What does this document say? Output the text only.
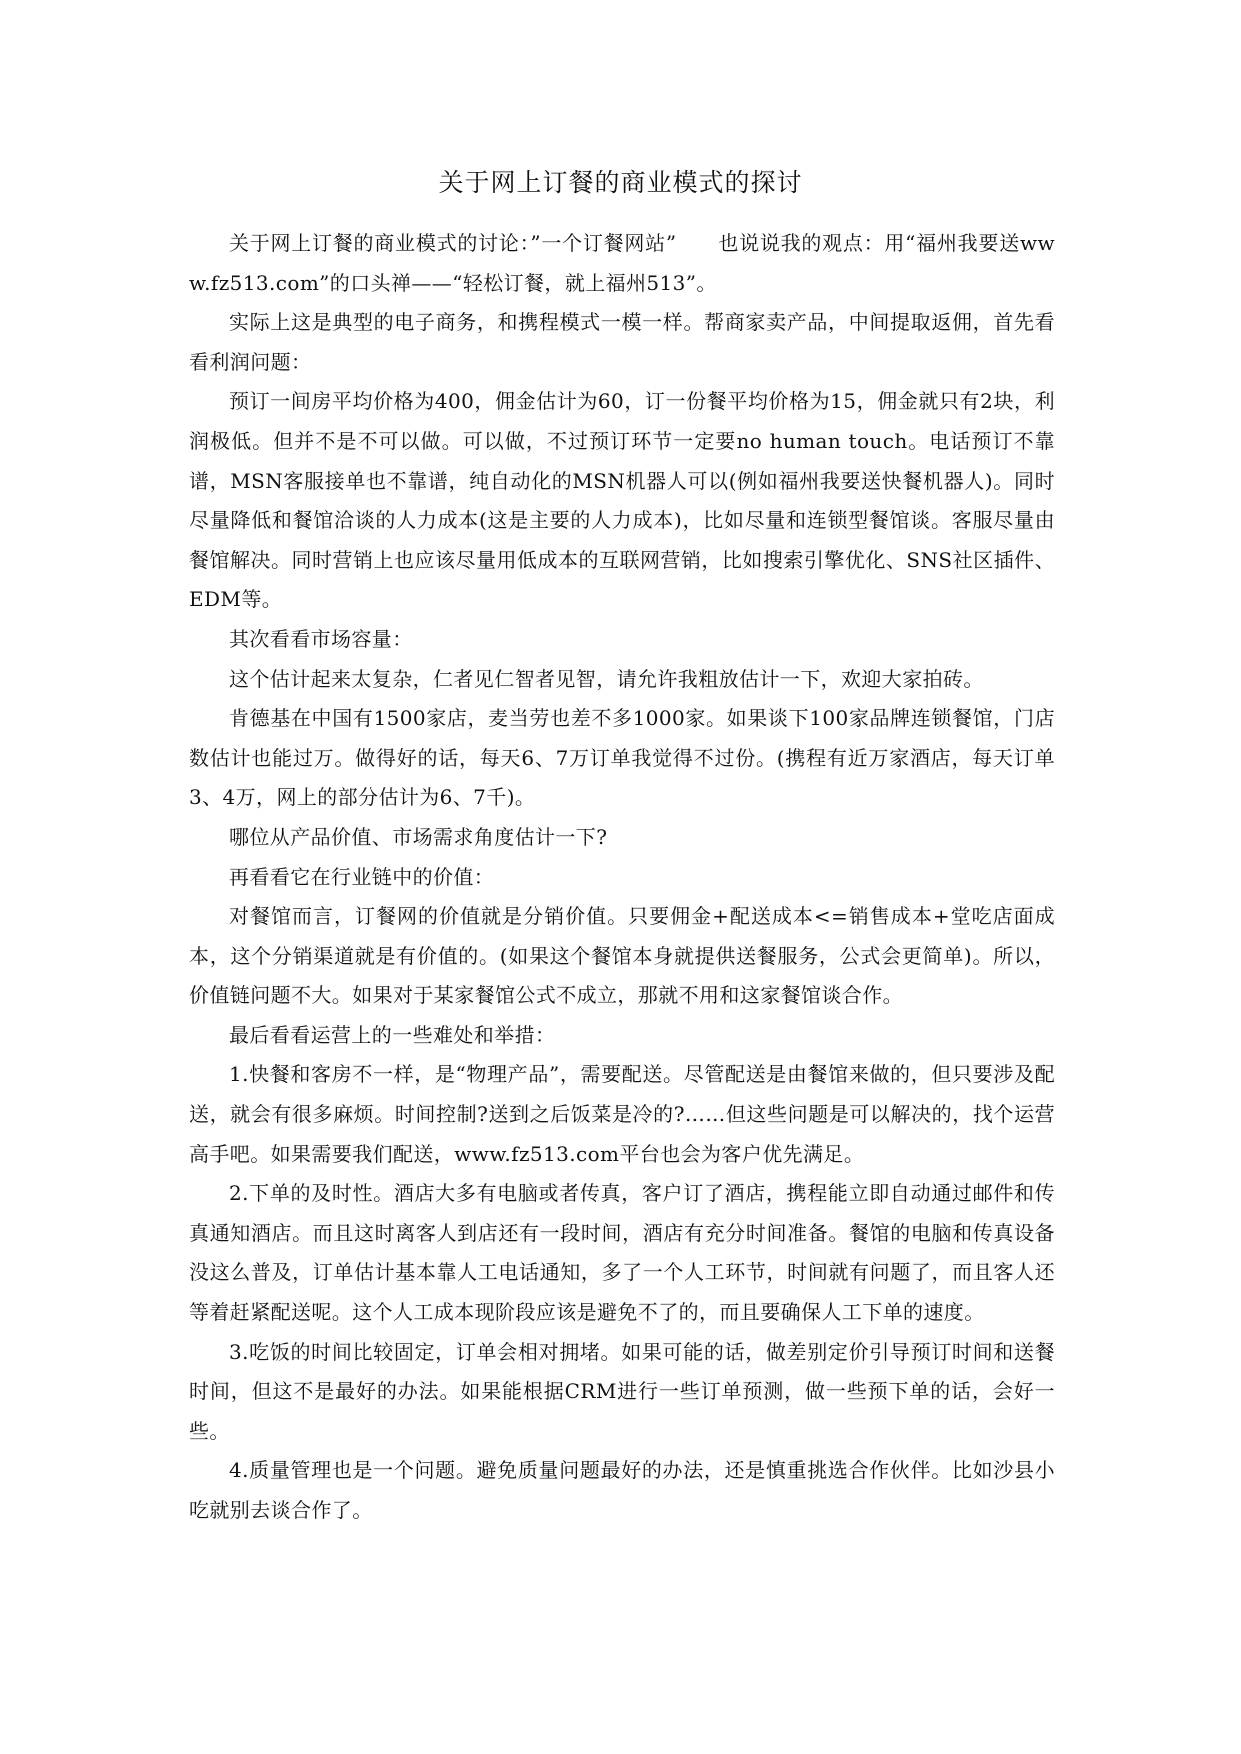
关于网上订餐的商业模式的探讨

关于网上订餐的商业模式的讨论：”一个订餐网站”　　也说说我的观点：用“福州我要送www.fz513.com”的口头禅——“轻松订餐，就上福州513”。

实际上这是典型的电子商务，和携程模式一模一样。帮商家卖产品，中间提取返佣，首先看看利润问题：

预订一间房平均价格为400，佣金估计为60，订一份餐平均价格为15，佣金就只有2块，利润极低。但并不是不可以做。可以做，不过预订环节一定要no human touch。电话预订不靠谱，MSN客服接单也不靠谱，纯自动化的MSN机器人可以(例如福州我要送快餐机器人)。同时尽量降低和餐馆洽谈的人力成本(这是主要的人力成本)，比如尽量和连锁型餐馆谈。客服尽量由餐馆解决。同时营销上也应该尽量用低成本的互联网营销，比如搜索引擎优化、SNS社区插件、EDM等。

其次看看市场容量：

这个估计起来太复杂，仁者见仁智者见智，请允许我粗放估计一下，欢迎大家拍砖。

肯德基在中国有1500家店，麦当劳也差不多1000家。如果谈下100家品牌连锁餐馆，门店数估计也能过万。做得好的话，每天6、7万订单我觉得不过份。(携程有近万家酒店，每天订单3、4万，网上的部分估计为6、7千)。

哪位从产品价值、市场需求角度估计一下?

再看看它在行业链中的价值：

对餐馆而言，订餐网的价值就是分销价值。只要佣金+配送成本<=销售成本+堂吃店面成本，这个分销渠道就是有价值的。(如果这个餐馆本身就提供送餐服务，公式会更简单)。所以，价值链问题不大。如果对于某家餐馆公式不成立，那就不用和这家餐馆谈合作。

最后看看运营上的一些难处和举措：

1.快餐和客房不一样，是“物理产品”，需要配送。尽管配送是由餐馆来做的，但只要涉及配送，就会有很多麻烦。时间控制?送到之后饭菜是冷的?……但这些问题是可以解决的，找个运营高手吧。如果需要我们配送，www.fz513.com平台也会为客户优先满足。

2.下单的及时性。酒店大多有电脑或者传真，客户订了酒店，携程能立即自动通过邮件和传真通知酒店。而且这时离客人到店还有一段时间，酒店有充分时间准备。餐馆的电脑和传真设备没这么普及，订单估计基本靠人工电话通知，多了一个人工环节，时间就有问题了，而且客人还等着赶紧配送呢。这个人工成本现阶段应该是避免不了的，而且要确保人工下单的速度。

3.吃饭的时间比较固定，订单会相对拥堵。如果可能的话，做差别定价引导预订时间和送餐时间，但这不是最好的办法。如果能根据CRM进行一些订单预测，做一些预下单的话，会好一些。

4.质量管理也是一个问题。避免质量问题最好的办法，还是慎重挑选合作伙伴。比如沙县小吃就别去谈合作了。
